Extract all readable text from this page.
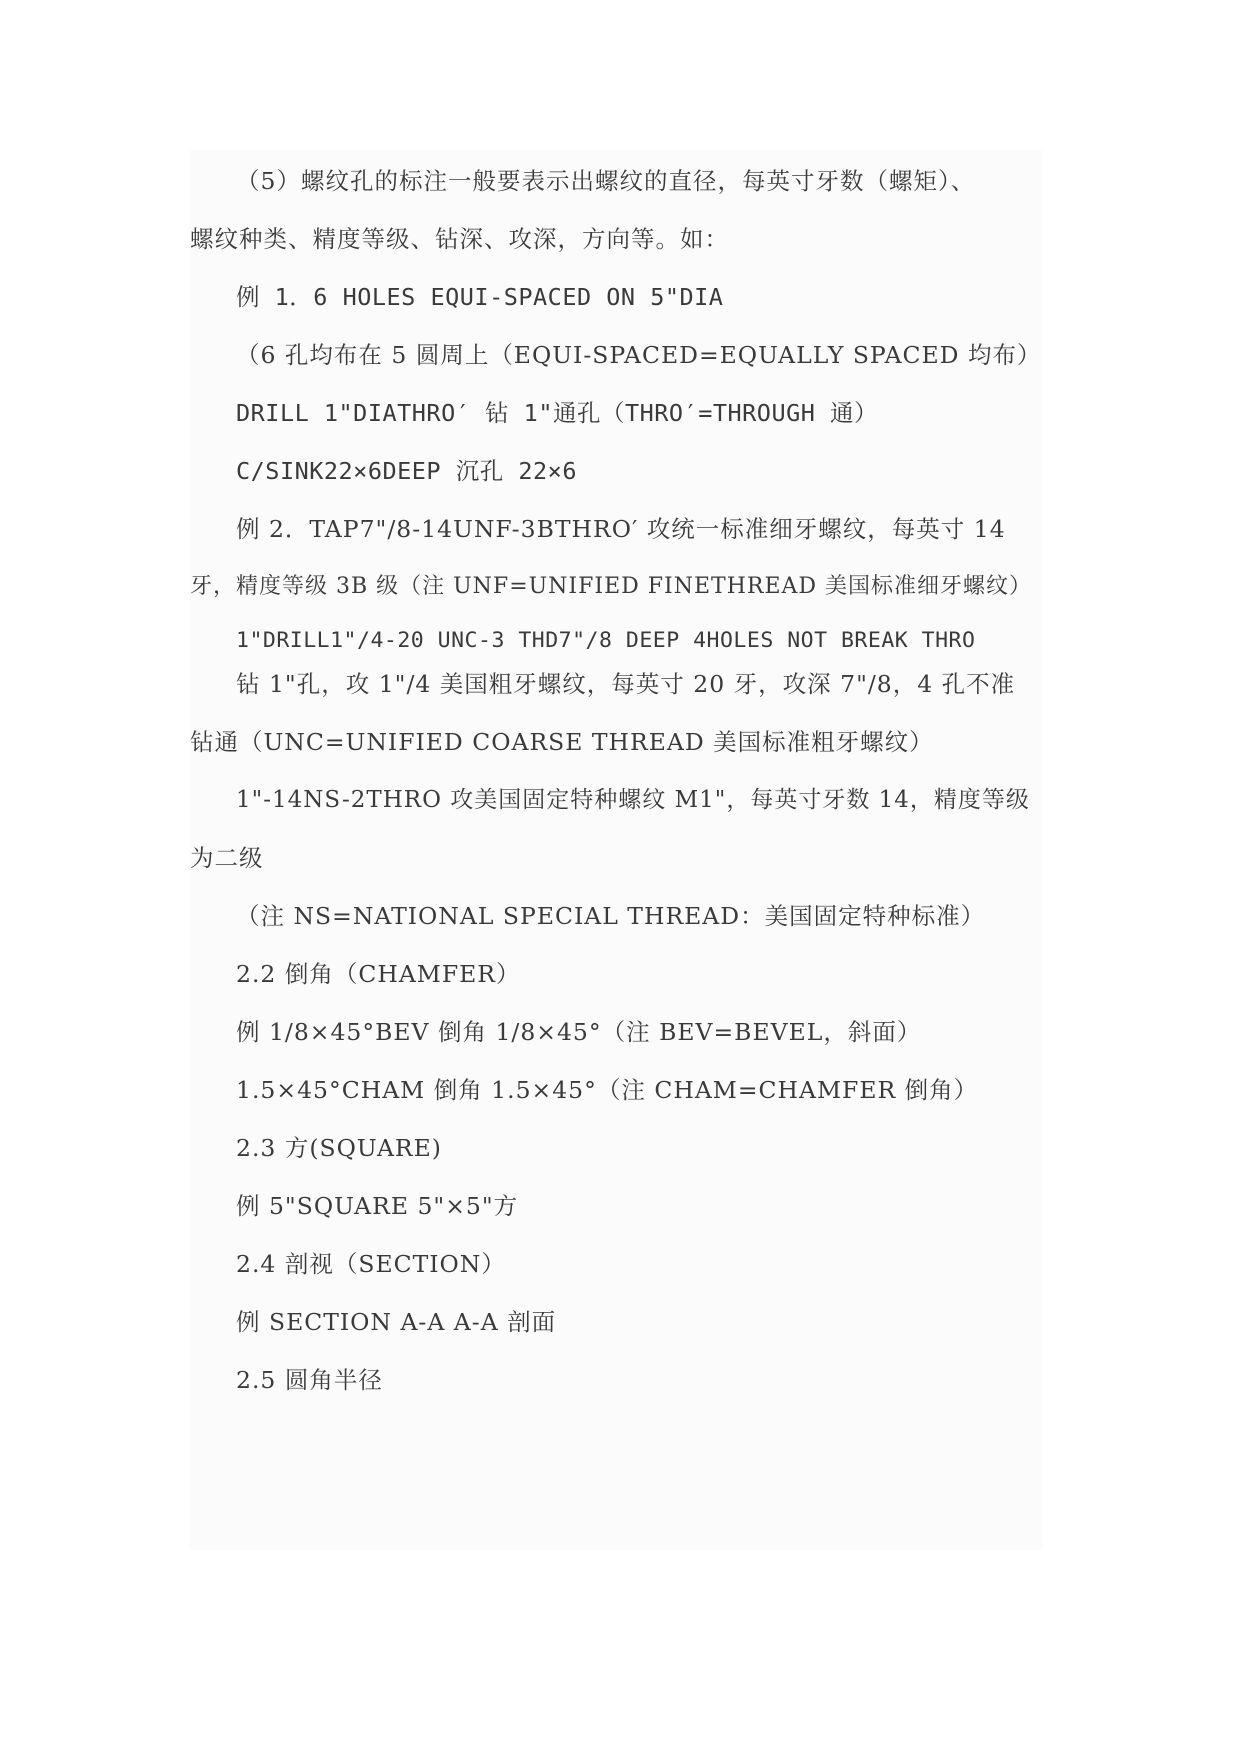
（5）螺纹孔的标注一般要表示出螺纹的直径，每英寸牙数（螺矩）、
螺纹种类、精度等级、钻深、攻深，方向等。如：
例 1．6 HOLES EQUI-SPACED ON 5"DIA
（6 孔均布在 5 圆周上（EQUI-SPACED=EQUALLY SPACED 均布）
DRILL 1"DIATHRO′ 钻 1"通孔（THRO′=THROUGH 通）
C/SINK22×6DEEP 沉孔 22×6
例 2．TAP7"/8-14UNF-3BTHRO′ 攻统一标准细牙螺纹，每英寸 14
牙，精度等级 3B 级（注 UNF=UNIFIED FINETHREAD 美国标准细牙螺纹）
1"DRILL1"/4-20 UNC-3 THD7"/8 DEEP 4HOLES NOT BREAK THRO
钻 1"孔，攻 1"/4 美国粗牙螺纹，每英寸 20 牙，攻深 7"/8，4 孔不准
钻通（UNC=UNIFIED COARSE THREAD 美国标准粗牙螺纹）
1"-14NS-2THRO 攻美国固定特种螺纹 M1"，每英寸牙数 14，精度等级
为二级
（注 NS=NATIONAL SPECIAL THREAD：美国固定特种标准）
2.2 倒角（CHAMFER）
例 1/8×45°BEV 倒角 1/8×45°（注 BEV=BEVEL，斜面）
1.5×45°CHAM 倒角 1.5×45°（注 CHAM=CHAMFER 倒角）
2.3 方(SQUARE)
例 5"SQUARE 5"×5"方
2.4 剖视（SECTION）
例 SECTION A-A A-A 剖面
2.5 圆角半径
